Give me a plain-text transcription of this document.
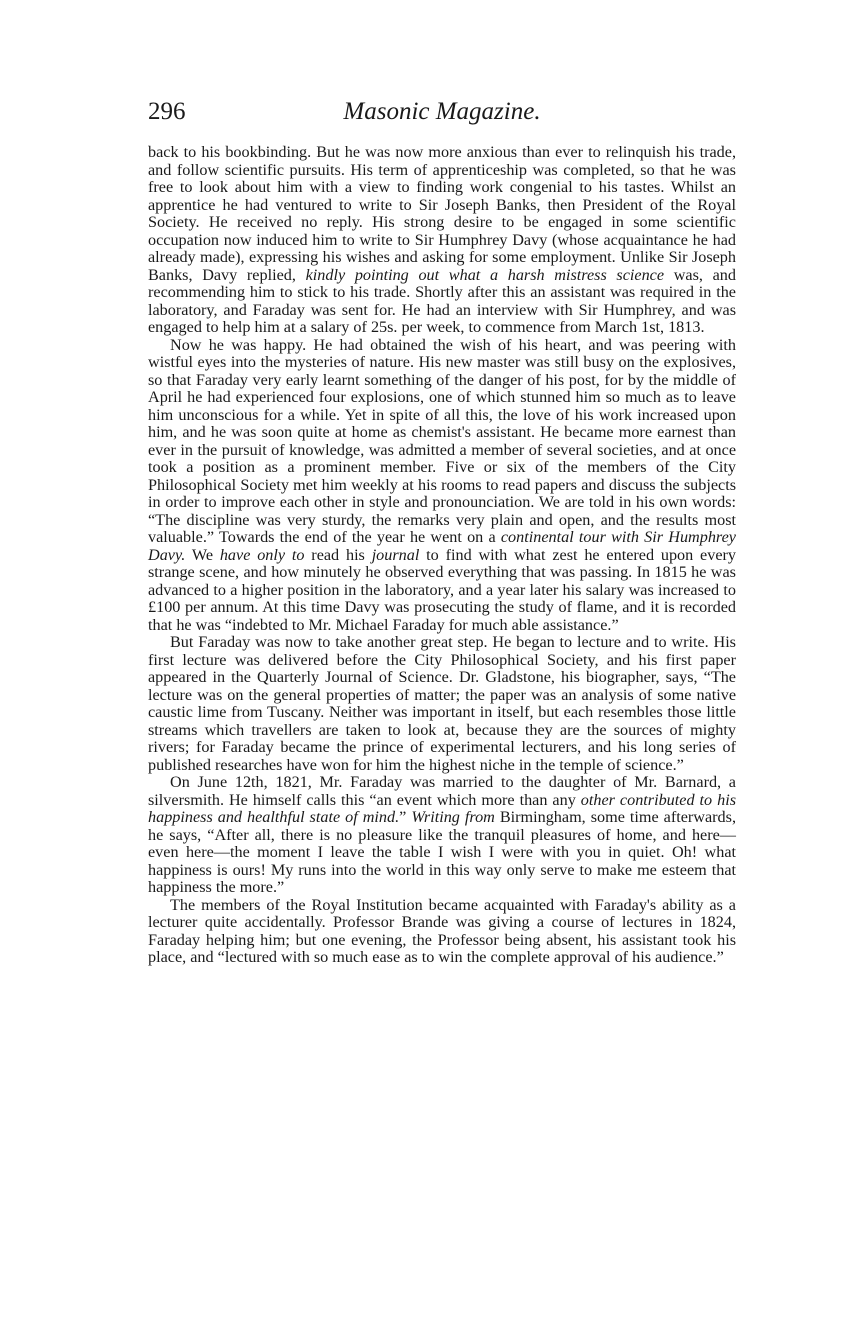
296	Masonic Magazine.

back to his bookbinding. But he was now more anxious than ever to relinquish his trade, and follow scientific pursuits. His term of apprenticeship was completed, so that he was free to look about him with a view to finding work congenial to his tastes. Whilst an apprentice he had ventured to write to Sir Joseph Banks, then President of the Royal Society. He received no reply. His strong desire to be engaged in some scientific occupation now induced him to write to Sir Humphrey Davy (whose acquaintance he had already made), expressing his wishes and asking for some employment. Unlike Sir Joseph Banks, Davy replied, kindly pointing out what a harsh mistress science was, and recommending him to stick to his trade. Shortly after this an assistant was required in the laboratory, and Faraday was sent for. He had an interview with Sir Humphrey, and was engaged to help him at a salary of 25s. per week, to commence from March 1st, 1813.

Now he was happy. He had obtained the wish of his heart, and was peering with wistful eyes into the mysteries of nature. His new master was still busy on the explosives, so that Faraday very early learnt something of the danger of his post, for by the middle of April he had experienced four explosions, one of which stunned him so much as to leave him unconscious for a while. Yet in spite of all this, the love of his work increased upon him, and he was soon quite at home as chemist's assistant. He became more earnest than ever in the pursuit of knowledge, was admitted a member of several societies, and at once took a position as a prominent member. Five or six of the members of the City Philosophical Society met him weekly at his rooms to read papers and discuss the subjects in order to improve each other in style and pronounciation. We are told in his own words: “The discipline was very sturdy, the remarks very plain and open, and the results most valuable.” Towards the end of the year he went on a continental tour with Sir Humphrey Davy. We have only to read his journal to find with what zest he entered upon every strange scene, and how minutely he observed everything that was passing. In 1815 he was advanced to a higher position in the laboratory, and a year later his salary was increased to £100 per annum. At this time Davy was prosecuting the study of flame, and it is recorded that he was “indebted to Mr. Michael Faraday for much able assistance.”

But Faraday was now to take another great step. He began to lecture and to write. His first lecture was delivered before the City Philosophical Society, and his first paper appeared in the Quarterly Journal of Science. Dr. Gladstone, his biographer, says, “The lecture was on the general properties of matter; the paper was an analysis of some native caustic lime from Tuscany. Neither was important in itself, but each resembles those little streams which travellers are taken to look at, because they are the sources of mighty rivers; for Faraday became the prince of experimental lecturers, and his long series of published researches have won for him the highest niche in the temple of science.”

On June 12th, 1821, Mr. Faraday was married to the daughter of Mr. Barnard, a silversmith. He himself calls this “an event which more than any other contributed to his happiness and healthful state of mind.” Writing from Birmingham, some time afterwards, he says, “After all, there is no pleasure like the tranquil pleasures of home, and here—even here—the moment I leave the table I wish I were with you in quiet. Oh! what happiness is ours! My runs into the world in this way only serve to make me esteem that happiness the more.”

The members of the Royal Institution became acquainted with Faraday's ability as a lecturer quite accidentally. Professor Brande was giving a course of lectures in 1824, Faraday helping him; but one evening, the Professor being absent, his assistant took his place, and “lectured with so much ease as to win the complete approval of his audience.”
